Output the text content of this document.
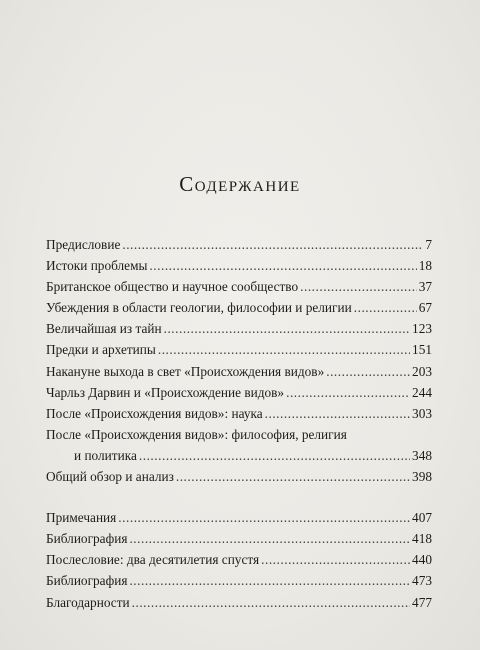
Содержание
Предисловие . . .	7
Истоки проблемы . . .	18
Британское общество и научное сообщество . . .	37
Убеждения в области геологии, философии и религии . . .	67
Величайшая из тайн . . .	123
Предки и архетипы . . .	151
Накануне выхода в свет «Происхождения видов» . . .	203
Чарльз Дарвин и «Происхождение видов» . . .	244
После «Происхождения видов»: наука . . .	303
После «Происхождения видов»: философия, религия
и политика . . .	348
Общий обзор и анализ . . .	398
Примечания . . .	407
Библиография . . .	418
Послесловие: два десятилетия спустя . . .	440
Библиография . . .	473
Благодарности . . .	477
